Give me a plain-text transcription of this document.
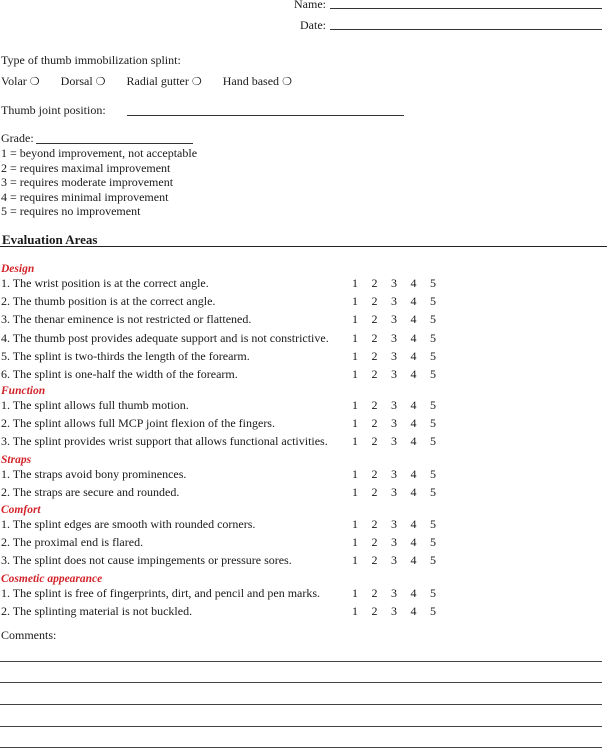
Name:
Date:
Type of thumb immobilization splint:
Volar ❍ Dorsal ❍ Radial gutter ❍ Hand based ❍
Thumb joint position:
Grade:
1 = beyond improvement, not acceptable
2 = requires maximal improvement
3 = requires moderate improvement
4 = requires minimal improvement
5 = requires no improvement
Evaluation Areas
Design
1. The wrist position is at the correct angle.	1	2	3	4	5
2. The thumb position is at the correct angle.	1	2	3	4	5
3. The thenar eminence is not restricted or flattened.	1	2	3	4	5
4. The thumb post provides adequate support and is not constrictive. 1	2	3	4	5
5. The splint is two-thirds the length of the forearm.	1	2	3	4	5
6. The splint is one-half the width of the forearm.	1	2	3	4	5
Function
1. The splint allows full thumb motion.	1	2	3	4	5
2. The splint allows full MCP joint flexion of the fingers.	1	2	3	4	5
3. The splint provides wrist support that allows functional activities. 1	2	3	4	5
Straps
1. The straps avoid bony prominences.	1	2	3	4	5
2. The straps are secure and rounded.	1	2	3	4	5
Comfort
1. The splint edges are smooth with rounded corners.	1	2	3	4	5
2. The proximal end is flared.	1	2	3	4	5
3. The splint does not cause impingements or pressure sores.	1	2	3	4	5
Cosmetic appearance
1. The splint is free of fingerprints, dirt, and pencil and pen marks.	1	2	3	4	5
2. The splinting material is not buckled.	1	2	3	4	5
Comments:
